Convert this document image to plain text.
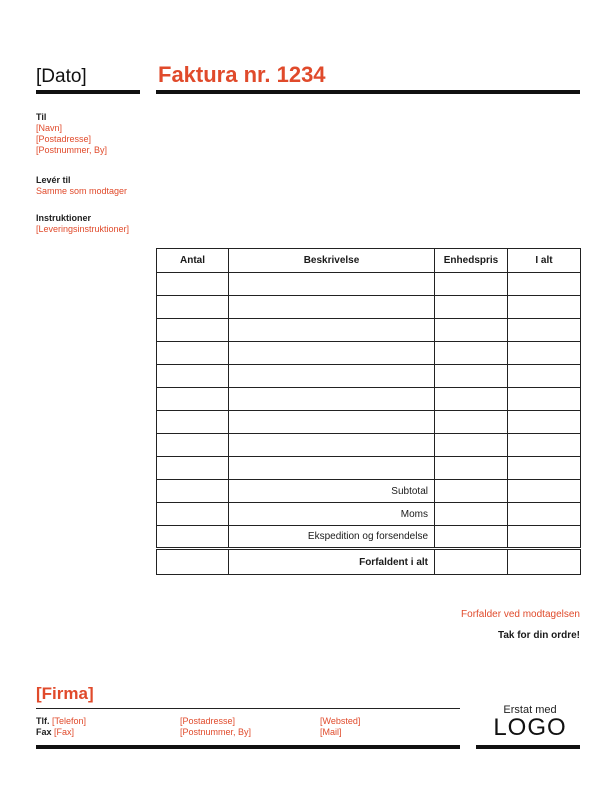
[Dato]	Faktura nr. 1234
Til
[Navn]
[Postadresse]
[Postnummer, By]
Levér til
Samme som modtager
Instruktioner
[Leveringsinstruktioner]
Antal	Beskrivelse	Enhedspris	I alt

	Subtotal		
	Moms		
	Ekspedition og forsendelse		
	Forfaldent i alt		
Forfalder ved modtagelsen
Tak for din ordre!
[Firma]
Tlf. [Telefon]
Fax [Fax]
[Postadresse]
[Postnummer, By]
[Websted]
[Mail]
Erstat med
LOGO
